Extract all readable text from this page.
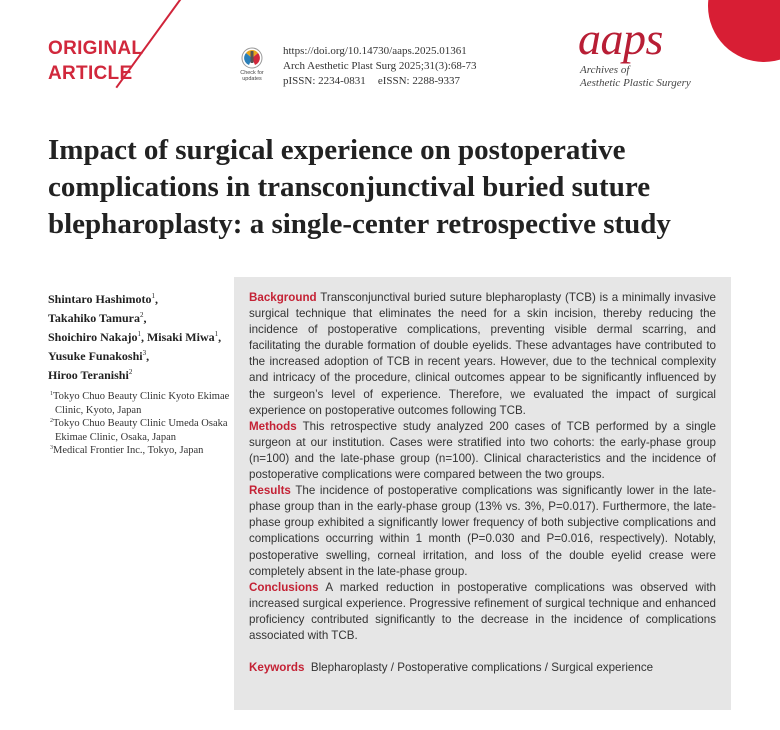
ORIGINAL
ARTICLE	Check for
updates
https://doi.org/10.14730/aaps.2025.01361
Arch Aesthetic Plast Surg 2025;31(3):68-73
pISSN: 2234-0831 eISSN: 2288-9337
aaps
Archives of
Aesthetic Plastic Surgery
Impact of surgical experience on postoperative complications in transconjunctival buried suture blepharoplasty: a single-center retrospective study
Shintaro Hashimoto$^1$,
Takahiko Tamura$^2$,
Shoichiro Nakajo$^1$, Misaki Miwa$^1$,
Yusuke Funakoshi$^3$,
Hiroo Teranishi$^2$
$^1$Tokyo Chuo Beauty Clinic Kyoto Ekimae Clinic, Kyoto, Japan
$^2$Tokyo Chuo Beauty Clinic Umeda Osaka Ekimae Clinic, Osaka, Japan
$^3$Medical Frontier Inc., Tokyo, Japan

Background Transconjunctival buried suture blepharoplasty (TCB) is a minimally invasive surgical technique that eliminates the need for a skin incision, thereby reducing the incidence of postoperative complications, preventing visible dermal scarring, and facilitating the durable formation of double eyelids. These advantages have contributed to the increased adoption of TCB in recent years. However, due to the technical complexity and intricacy of the procedure, clinical outcomes appear to be significantly influenced by the surgeon’s level of experience. Therefore, we evaluated the impact of surgical experience on postoperative outcomes following TCB.

Methods This retrospective study analyzed 200 cases of TCB performed by a single surgeon at our institution. Cases were stratified into two cohorts: the early-phase group (n=100) and the late-phase group (n=100). Clinical characteristics and the incidence of postoperative complications were compared between the two groups.

Results The incidence of postoperative complications was significantly lower in the late-phase group than in the early-phase group (13% vs. 3%, P=0.017). Furthermore, the late-phase group exhibited a significantly lower frequency of both subjective complications and complications occurring within 1 month (P=0.030 and P=0.016, respectively). Notably, postoperative swelling, corneal irritation, and loss of the double eyelid crease were completely absent in the late-phase group.

Conclusions A marked reduction in postoperative complications was observed with increased surgical experience. Progressive refinement of surgical technique and enhanced proficiency contributed significantly to the decrease in the incidence of complications associated with TCB.

Keywords Blepharoplasty / Postoperative complications / Surgical experience
